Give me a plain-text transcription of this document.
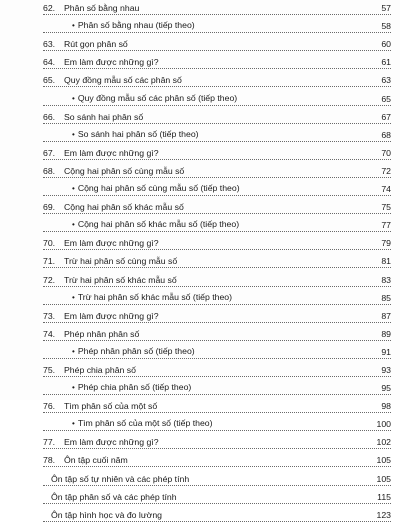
62.	Phân số bằng nhau	57
• Phân số bằng nhau (tiếp theo)	58
63.	Rút gọn phân số	60
64.	Em làm được những gì?	61
65.	Quy đồng mẫu số các phân số	63
• Quy đồng mẫu số các phân số (tiếp theo)	65
66.	So sánh hai phân số	67
• So sánh hai phân số (tiếp theo)	68
67.	Em làm được những gì?	70
68.	Cộng hai phân số cùng mẫu số	72
• Cộng hai phân số cùng mẫu số (tiếp theo)	74
69.	Cộng hai phân số khác mẫu số	75
• Cộng hai phân số khác mẫu số (tiếp theo)	77
70.	Em làm được những gì?	79
71.	Trừ hai phân số cùng mẫu số	81
72.	Trừ hai phân số khác mẫu số	83
• Trừ hai phân số khác mẫu số (tiếp theo)	85
73.	Em làm được những gì?	87
74.	Phép nhân phân số	89
• Phép nhân phân số (tiếp theo)	91
75.	Phép chia phân số	93
• Phép chia phân số (tiếp theo)	95
76.	Tìm phân số của một số	98
• Tìm phân số của một số (tiếp theo)	100
77.	Em làm được những gì?	102
78.	Ôn tập cuối năm	105
Ôn tập số tự nhiên và các phép tính	105
Ôn tập phân số và các phép tính	115
Ôn tập hình học và đo lường	123
